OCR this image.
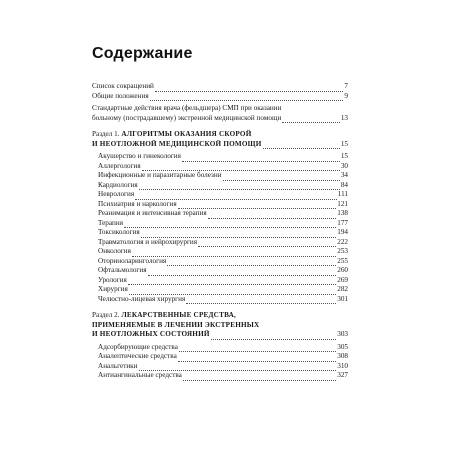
Содержание
Список сокращений	7
Общие положения	9
Стандартные действия врача (фельдшера) СМП при оказании
больному (пострадавшему) экстренной медицинской помощи	13
Раздел 1. АЛГОРИТМЫ ОКАЗАНИЯ СКОРОЙ
И НЕОТЛОЖНОЙ МЕДИЦИНСКОЙ ПОМОЩИ	15
Акушерство и гинекология	15
Аллергология	30
Инфекционные и паразитарные болезни	34
Кардиология	84
Неврология	111
Психиатрия и наркология	121
Реанимация и интенсивная терапия	138
Терапия	177
Токсикология	194
Травматология и нейрохирургия	222
Онкология	253
Оториноларингология	255
Офтальмология	260
Урология	269
Хирургия	282
Челюстно-лицевая хирургия	301
Раздел 2. ЛЕКАРСТВЕННЫЕ СРЕДСТВА,
ПРИМЕНЯЕМЫЕ В ЛЕЧЕНИИ ЭКСТРЕННЫХ
И НЕОТЛОЖНЫХ СОСТОЯНИЙ	303
Адсорбирующие средства	305
Аналептические средства	308
Анальгетики	310
Антиангинальные средства	327
